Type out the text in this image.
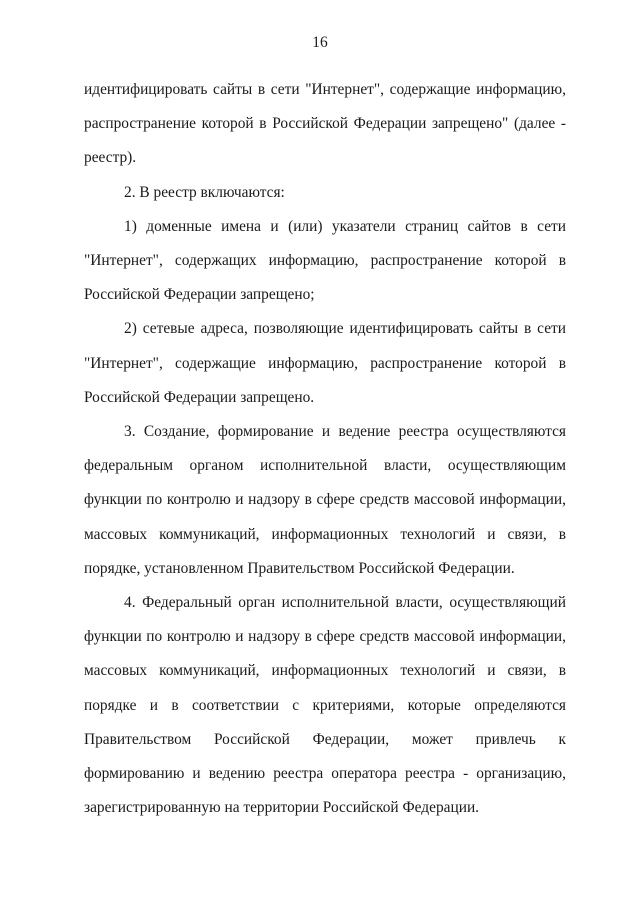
16

идентифицировать сайты в сети "Интернет", содержащие информацию, распространение которой в Российской Федерации запрещено" (далее - реестр).

2. В реестр включаются:

1) доменные имена и (или) указатели страниц сайтов в сети "Интернет", содержащих информацию, распространение которой в Российской Федерации запрещено;

2) сетевые адреса, позволяющие идентифицировать сайты в сети "Интернет", содержащие информацию, распространение которой в Российской Федерации запрещено.

3. Создание, формирование и ведение реестра осуществляются федеральным органом исполнительной власти, осуществляющим функции по контролю и надзору в сфере средств массовой информации, массовых коммуникаций, информационных технологий и связи, в порядке, установленном Правительством Российской Федерации.

4. Федеральный орган исполнительной власти, осуществляющий функции по контролю и надзору в сфере средств массовой информации, массовых коммуникаций, информационных технологий и связи, в порядке и в соответствии с критериями, которые определяются Правительством Российской Федерации, может привлечь к формированию и ведению реестра оператора реестра - организацию, зарегистрированную на территории Российской Федерации.
